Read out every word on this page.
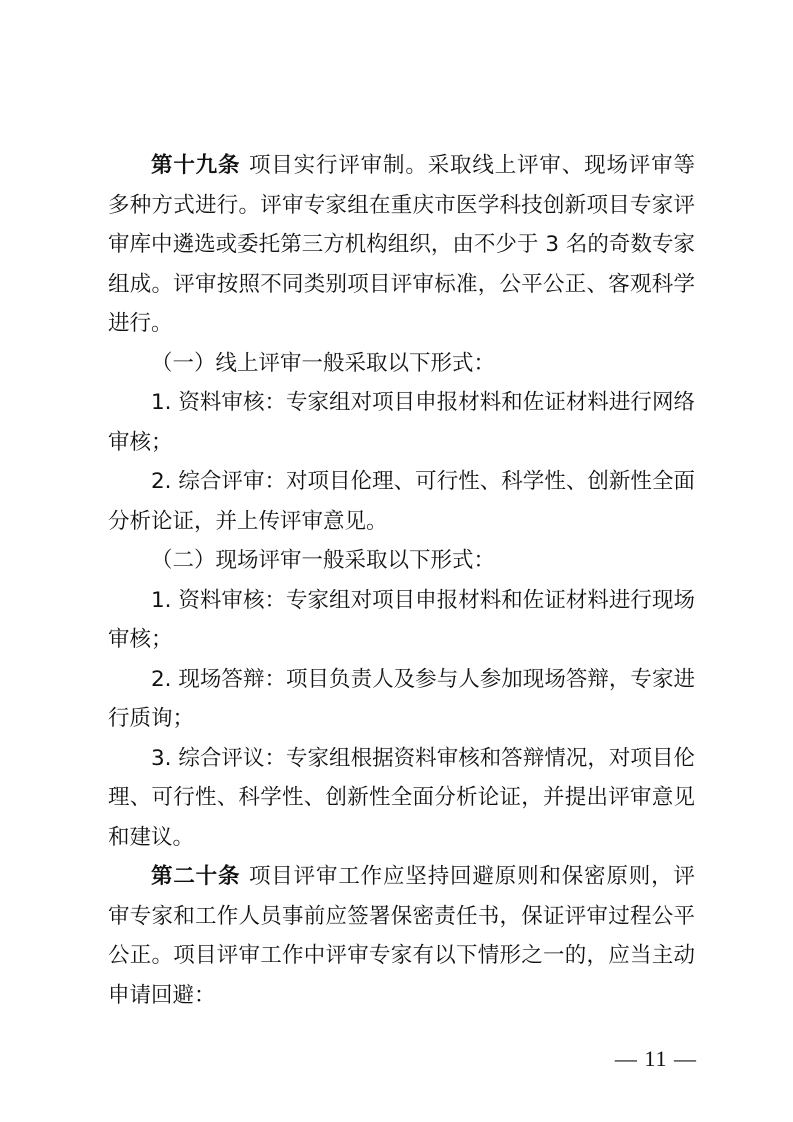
第十九条 项目实行评审制。采取线上评审、现场评审等多种方式进行。评审专家组在重庆市医学科技创新项目专家评审库中遴选或委托第三方机构组织，由不少于 3 名的奇数专家组成。评审按照不同类别项目评审标准，公平公正、客观科学进行。

（一）线上评审一般采取以下形式：

1. 资料审核：专家组对项目申报材料和佐证材料进行网络审核；

2. 综合评审：对项目伦理、可行性、科学性、创新性全面分析论证，并上传评审意见。

（二）现场评审一般采取以下形式：

1. 资料审核：专家组对项目申报材料和佐证材料进行现场审核；

2. 现场答辩：项目负责人及参与人参加现场答辩，专家进行质询；

3. 综合评议：专家组根据资料审核和答辩情况，对项目伦理、可行性、科学性、创新性全面分析论证，并提出评审意见和建议。

第二十条 项目评审工作应坚持回避原则和保密原则，评审专家和工作人员事前应签署保密责任书，保证评审过程公平公正。项目评审工作中评审专家有以下情形之一的，应当主动申请回避：

— 11 —
